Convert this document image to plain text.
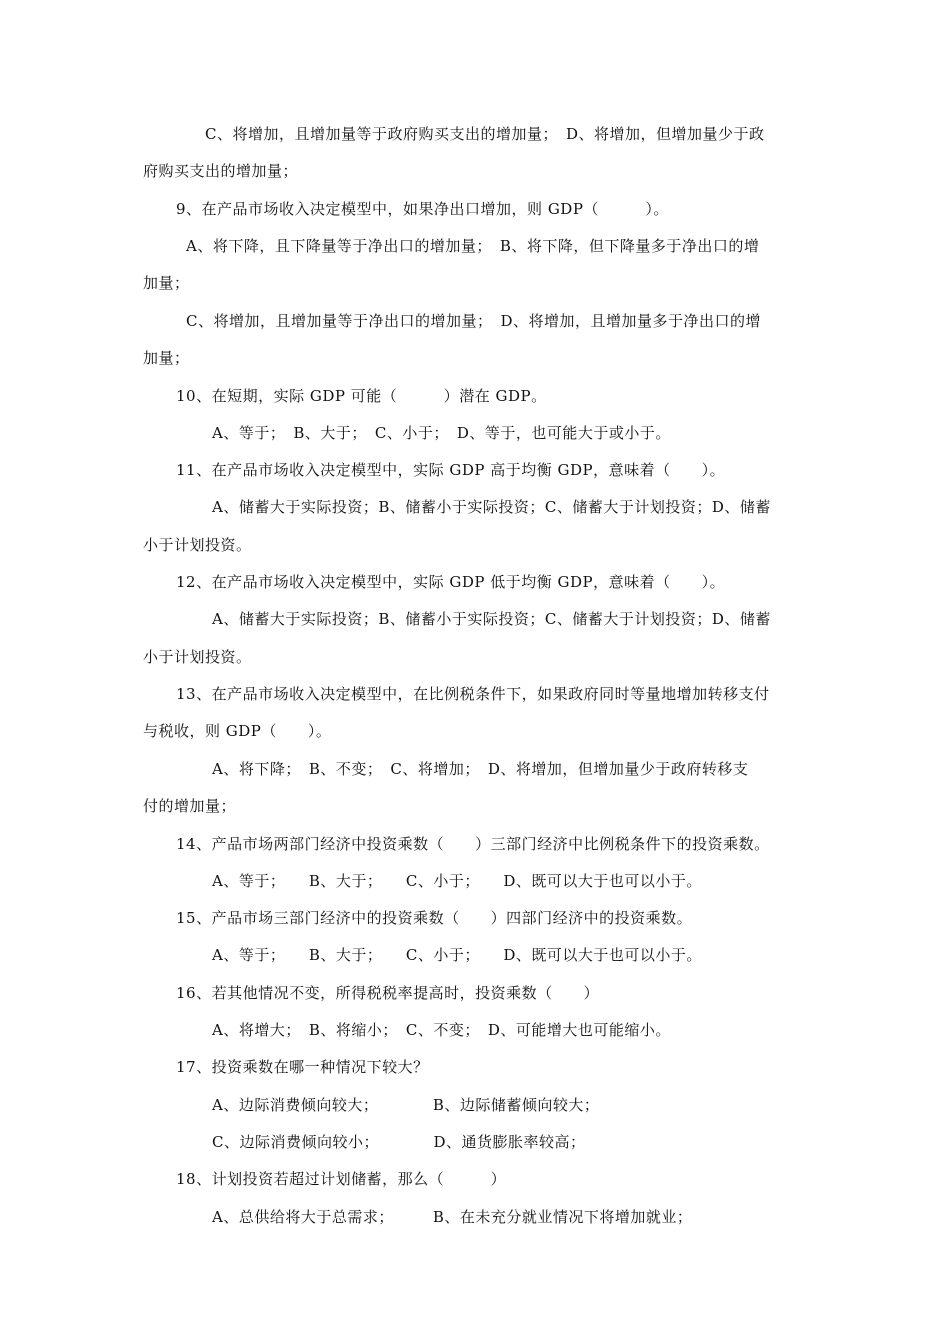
C、将增加，且增加量等于政府购买支出的增加量；　D、将增加，但增加量少于政
府购买支出的增加量；
9、在产品市场收入决定模型中，如果净出口增加，则 GDP（　　　）。
A、将下降，且下降量等于净出口的增加量；　B、将下降，但下降量多于净出口的增
加量；
C、将增加，且增加量等于净出口的增加量；　D、将增加，且增加量多于净出口的增
加量；
10、在短期，实际 GDP 可能（　　　）潜在 GDP。
A、等于；　B、大于；　C、小于；　D、等于，也可能大于或小于。
11、在产品市场收入决定模型中，实际 GDP 高于均衡 GDP，意味着（　　）。
A、储蓄大于实际投资；B、储蓄小于实际投资；C、储蓄大于计划投资；D、储蓄
小于计划投资。
12、在产品市场收入决定模型中，实际 GDP 低于均衡 GDP，意味着（　　）。
A、储蓄大于实际投资；B、储蓄小于实际投资；C、储蓄大于计划投资；D、储蓄
小于计划投资。
13、在产品市场收入决定模型中，在比例税条件下，如果政府同时等量地增加转移支付
与税收，则 GDP（　　）。
A、将下降；　B、不变；　C、将增加；　D、将增加，但增加量少于政府转移支
付的增加量；
14、产品市场两部门经济中投资乘数（　　）三部门经济中比例税条件下的投资乘数。
A、等于；　　B、大于；　　C、小于；　　D、既可以大于也可以小于。
15、产品市场三部门经济中的投资乘数（　　）四部门经济中的投资乘数。
A、等于；　　B、大于；　　C、小于；　　D、既可以大于也可以小于。
16、若其他情况不变，所得税税率提高时，投资乘数（　　）
A、将增大；　B、将缩小；　C、不变；　D、可能增大也可能缩小。
17、投资乘数在哪一种情况下较大？
A、边际消费倾向较大；　　　　B、边际储蓄倾向较大；
C、边际消费倾向较小；　　　　D、通货膨胀率较高；
18、计划投资若超过计划储蓄，那么（　　　）
A、总供给将大于总需求；　　　B、在未充分就业情况下将增加就业；
